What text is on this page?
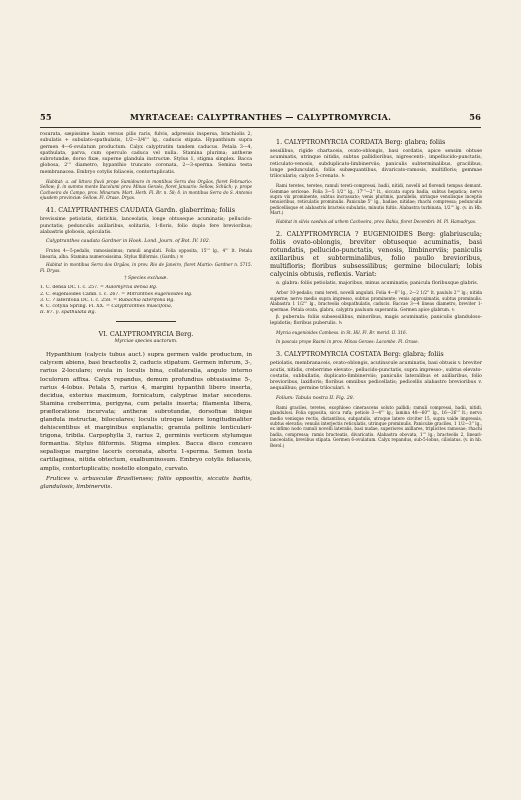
55	MYRTACEAE: CALYPTRANTHES — CALYPTROMYRCIA.	56

rosurata, sæpissime basin versus pilis raris, fulvis, adpressis inspersa, brachiolis 2, subulatis + subulato-spathulatis, 1/2—3/4''' lg., caducis stipata. Hypanthium supra germen 4—6-ovulatum productum. Calyx calyptratim tandem caducus. Petala 3—4, spathulata, parva, cum operculo caduca vel nulla. Stamina plurima; antheræ subrotundæ, dorso fixæ, superne glandula instructæ. Stylus 1, stigma simplex. Bacca globosa, 2''' diametro, hypanthio truncato coronata, 2—3-sperma. Semina testa membranacea. Embryo cotylis foliaceis, contortuplicatis.

Habitat: a. ad littora fluvii prope Sumidouro in montibus Serra dos Orgãos, floret Februario: Sellow; β. in summo monte Itacolumi prov. Minas Geraës, floret Januario: Sellow, Schüch; γ. prope Cachoeira do Campo, prov. Minarum: Mart. Herb. Fl. Br. n. 58; δ. in montibus Serra do S. Antonio ejusdem provinciæ: Sellow. Fl. Orase. Dryas.

41. CALYPTRANTHES CAUDATA Gardn. glaberrima; foliis

brevissime petiolatis, distichis, lanceolatis, longe obtuseque acuminatis; pellucido-punctatis; pedunculis axillaribus, solitariis, 1-floris, folio duplo fere brevioribus; alabastris globosis, apiculatis.

Calyptranthes caudata Gardner in Hook. Lond. Journ. of Bot. IV. 102.

Frutex 4—5-pedalis, ramosissimus; ramuli angulati. Folia opposita, 15''' lg., 4''' lt. Petala linearia, alba. Stamina numerosissima. Stylus filiformis. (Gardn.) ♃

Habitat in montibus Serra dos Orgãos, in prov. Rio de Janeiro, floret Martio: Gardner n. 5715. Fl. Dryas.

† Species exclusæ.
1. C. densa DC. l. c. 257. = Aulomyrcia densa Bg.
2. C. eugenioides Camb. l. c. 267. = Mitranthes eugenioides Bg.
3. C. ? laterifolia DC. l. c. 258. = Rubachia laterifolia Bg.
4. C. cotylia Spring. Fl. XX. = Calyptranthes muscifolia,
II. 87. γ. spathulata Bg.
VI. CALYPTROMYRCIA Berg.
Myrciae species auctorum.

Hypanthium (calycis tubus auct.) supra germen valde productum, in calycem abiens, basi bracteolis 2, caducis stipatum. Germen inferum, 3-, rarius 2-loculare; ovula in loculis bina, collateralia, angulo interno loculorum affixa. Calyx repandus, demum profundius obtusissime 5-, rarius 4-lobus. Petala 5, rarius 4, margini hypanthii libero inserta, decidua, exterius maximum, fornicatum, calyptrae instar secedens. Stamina creberrima, perigyna, cum petalis inserta; filamenta libera, præfloratione incurvata; antheræ subrotundæ, dorsofixæ ibique glandula instructæ, biloculares; loculis utroque latere longitudinaliter dehiscentibus et marginibus explanatis; granula pollinis lenticulari-trigona, tribila. Carpophylla 3, rarius 2, germinis verticem stylumque formantia. Stylus filiformis. Stigma simplex. Bacca disco concavo sepalisque margine laceris coronata, abortu 1-sperma. Semen testa cartilaginea, nitida obtectum, exalbuminosum. Embryo cotylis foliaceis, amplis, contortuplicatis; nostello elongato, curvato.

Frutices v. arbusculæ Brasilienses; foliis oppositis, siccatis badiis, glandulosis, limbinerviis.

1. CALYPTROMYRCIA CORDATA Berg: glabra; foliis

sessilibus, rigide chartaceis, ovato-oblongis, basi cordatis, apice sensim obtuse acuminatis, utrinque nitidis, subtus pallidioribus, nigrescenti-, impellucido-punctatis, reticulato-venosis, subduplicato-limbinerviis; paniculis subterminalibus, gracilibus, longe pedunculatis, foliis subæquantibus, divaricato-ramosis, multifloris; gemmae trilocularis; calyce 5-crenato. ♄

Rami teretes, teretes; ramuli tereti-compressi, badii, nitidi, novelli ad florendi tempus demunt. Gemmae sericeae. Folia 3—5 1/2'' lg., 17'''—2'' lt., siccata supra badia, subtus hepatica; nervo supra vix prominente, subtus incrassato; venis plurimis, parallelis, utrinque venulisque inceptis tenuioribus, reticulatis prominulis. Paniculæ 5'' lg., badiae, nitidae; rhachi compressa; pedunculis pedicellisque et alabastris bracteis subulatis, minutis fultis. Alabastra turbinata, 1/2''' lg. (v. in Hb. Mart.)

Habitat in silvis caeduis ad urbem Cachoeira, prov. Bahia, floret Decembri: M. Pl. Hamadryas.

2. CALYPTROMYRCIA ? EUGENIOIDES Berg: glabriuscula; foliis ovato-oblongis, breviter obtuseque acuminatis, basi rotundatis, pellucido-punctatis, venosis, limbinerviis; paniculis axillaribus et subterminalibus, folio paullo brevioribus, multifloris; floribus subsessilibus; germine biloculari; lobis calycinis obtusis, reflexis. Variat:

α. glabra: foliis petiolatis, majoribus, minus acuminatis; panicula floribusque glabris.

Arbor 10-pedalis; rami tereti, novelli angulati. Folia 4—6'' lg., 2—2 1/2'' lt. paululo 2''' lg.; nitida superne; nervo medio supra impresso, subtus prominente; venis approximatis, subtus prominulis. Alabastra 1 1/2''' lg., bracteolis obspathulatis, caducis. Baccae 3—4 lineas diametro, breviter 1-spermae. Petala ovata, glabra, calyptra pauluum superantia. Germen apice glabrum. ♄

β. puberula: foliis subsessilibus, minoribus, magis acuminatis; paniculis glanduloso-lepidotis; floribus puberulis. ♄

Myrcia eugenioides Cambess. in St. Hil. Fl. Br. merid. II. 316.

In pascuis prope Rasmi in prov. Minas Geraes: Lacombe. Fl. Orase.

3. CALYPTROMYRCIA COSTATA Berg: glabra; foliis

petiolatis, membranaceis, ovato-oblongis, acutinscule acuminatis, basi obtusis v. breviter acutis, nitidis, creberrime elevato-, pellucido-punctatis, supra impresso-, subtus elevato-costatis, subbullatis, duplicato-limbinerviis; paniculis lateralibus et axillaribus, folio brevioribus, laxifloris; floribus omnibus pedicellatis; pedicellis alabastro brevioribus v. aequalibus; germine triloculari. ♄

Folium: Tabula nostra II. Fig. 28.

Rami graciles, teretes, exophloeo cinerascens soluto pallidi; ramuli compressi, badii, nitidi, glandulosi. Folia opposita, sicca rufa; petiolo 3—4''' lg.; lamina 48—60''' lg., 16—26''' lt.; nervo medio venisque rectis, distantibus, subpatulis, utroque latere circiter 15, supra valde impressis, subtus elevatis; venulis interjectis reticulatis, utrinque prominulis. Paniculæ graciles, 1 1/2—3'' lg., ex infimo nodo ramuli novelli lateralis, basi nudae, superiores axillares, triplicites ramosae; rhachi badia, compressa; ramis bracteatis, divaricatis. Alabastra obovata, 1''' lg.; bracteolis 2, lineari-lanceolatis, brevibus stipata. Germen 6-ovulatum. Calyx repandus, sub-5-lobus, ciliolatus. (v. in hb. Berol.)
